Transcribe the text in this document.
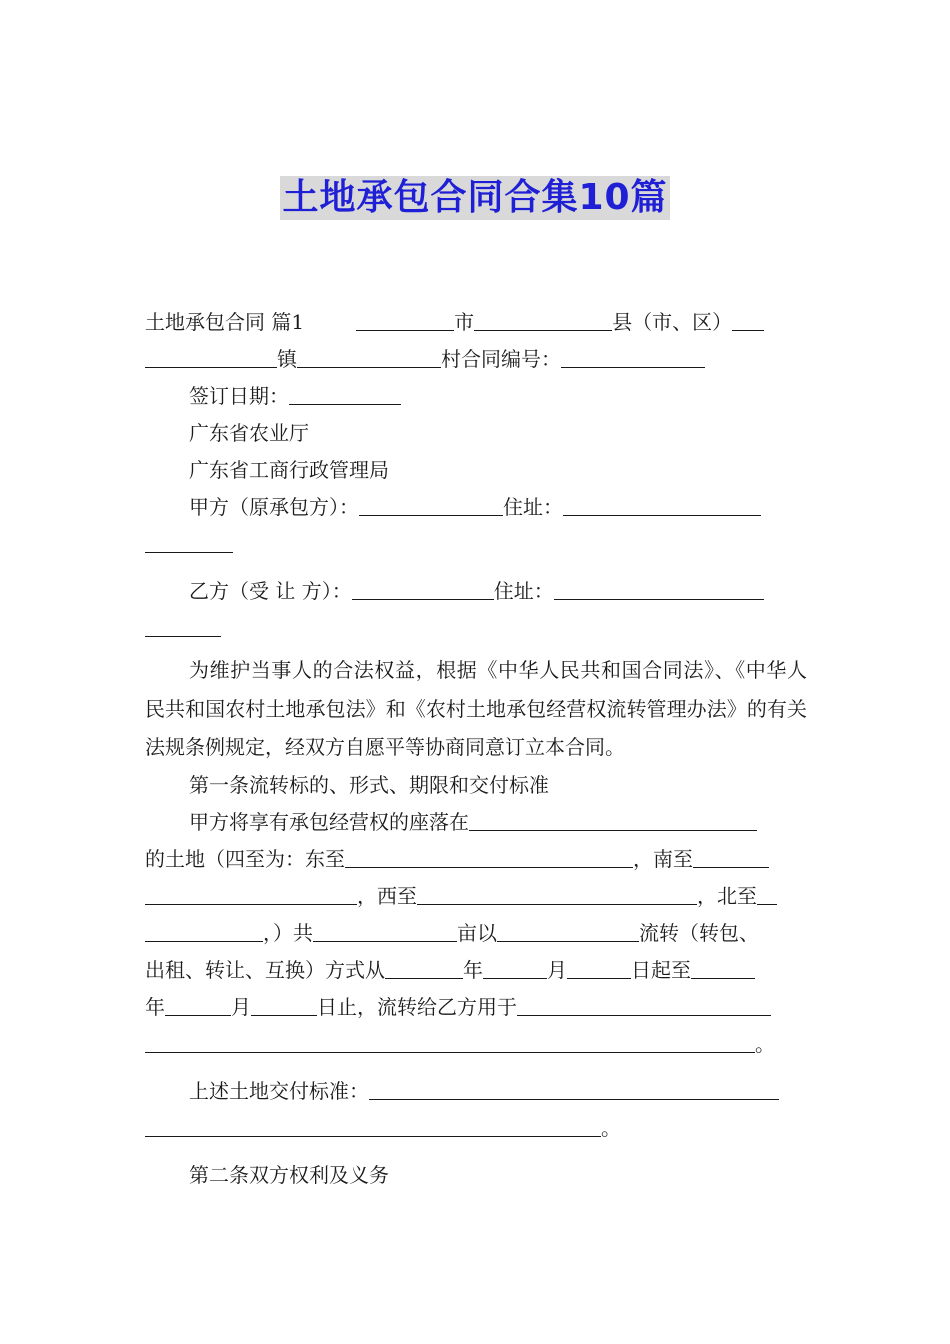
土地承包合同合集10篇
土地承包合同 篇1	市	县（市、区）
镇	村合同编号：
签订日期：
广东省农业厅
广东省工商行政管理局
甲方（原承包方）：	住址：
乙方（受 让 方）：	住址：
为维护当事人的合法权益，根据《中华人民共和国合同法》、《中华人民共和国农村土地承包法》和《农村土地承包经营权流转管理办法》的有关法规条例规定，经双方自愿平等协商同意订立本合同。
第一条流转标的、形式、期限和交付标准
甲方将享有承包经营权的座落在
的土地（四至为：东至	，南至
，西至	，北至
，）共	亩以	流转（转包、
出租、转让、互换）方式从	年	月	日起至
年	月	日止，流转给乙方用于
。
上述土地交付标准：
。
第二条双方权利及义务
